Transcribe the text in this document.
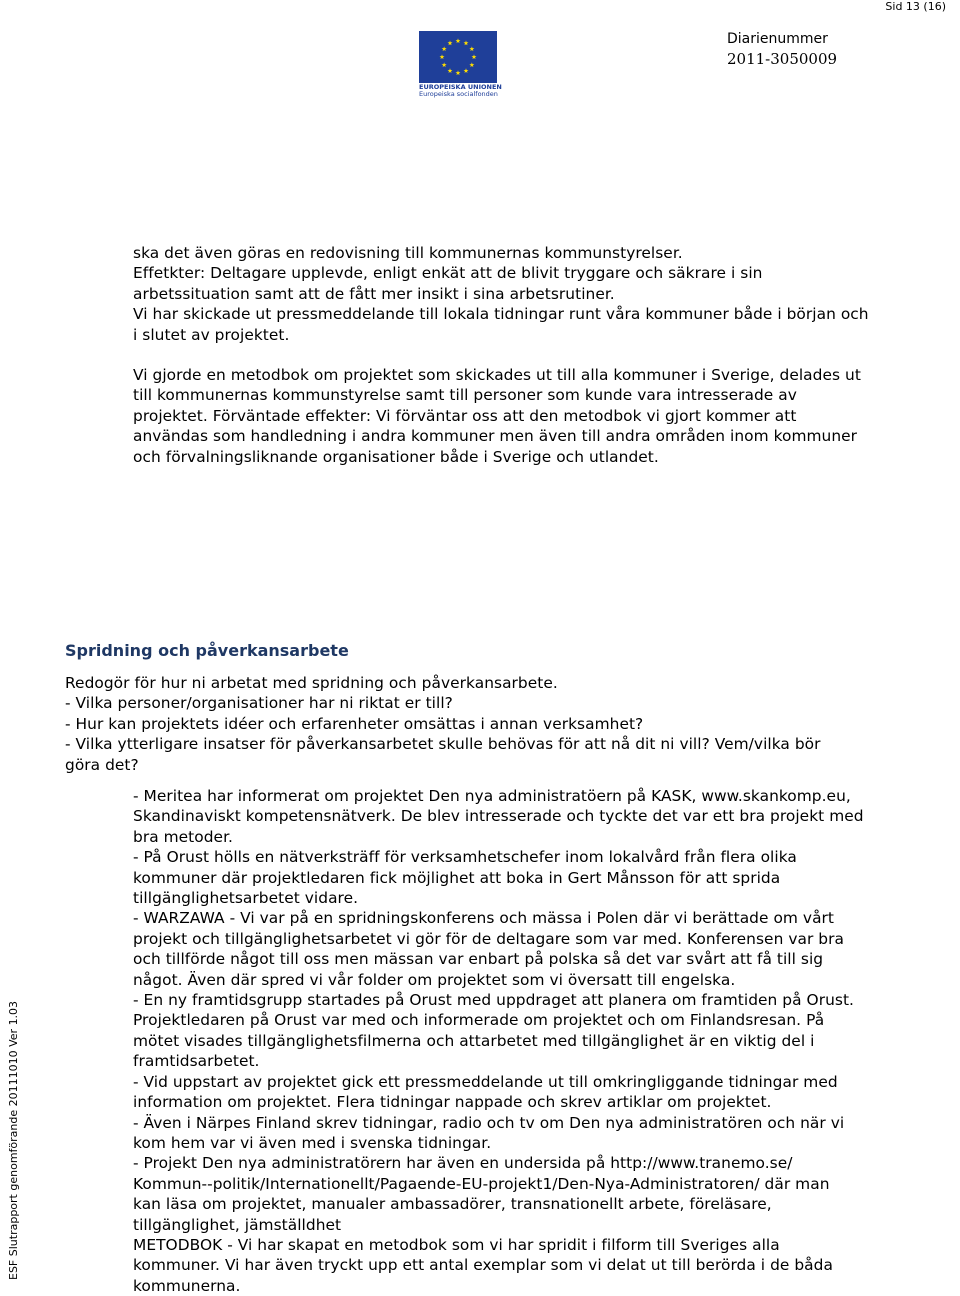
Sid 13 (16)
EUROPEISKA UNIONEN
Europeiska socialfonden
Diarienummer
2011-3050009
ESF Slutrapport genomförande 20111010 Ver 1.03

ska det även göras en redovisning till kommunernas kommunstyrelser.
Effetkter: Deltagare upplevde, enligt enkät att de blivit tryggare och säkrare i sin
arbetssituation samt att de fått mer insikt i sina arbetsrutiner.
Vi har skickade ut pressmeddelande till lokala tidningar runt våra kommuner både i början och
i slutet av projektet.

Vi gjorde en metodbok om projektet som skickades ut till alla kommuner i Sverige, delades ut
till kommunernas kommunstyrelse samt till personer som kunde vara intresserade av
projektet. Förväntade effekter: Vi förväntar oss att den metodbok vi gjort kommer att
användas som handledning i andra kommuner men även till andra områden inom kommuner
och förvalningsliknande organisationer både i Sverige och utlandet.

Spridning och påverkansarbete

Redogör för hur ni arbetat med spridning och påverkansarbete.
- Vilka personer/organisationer har ni riktat er till?
- Hur kan projektets idéer och erfarenheter omsättas i annan verksamhet?
- Vilka ytterligare insatser för påverkansarbetet skulle behövas för att nå dit ni vill? Vem/vilka bör
göra det?

- Meritea har informerat om projektet Den nya administratöern på KASK, www.skankomp.eu,
Skandinaviskt kompetensnätverk. De blev intresserade och tyckte det var ett bra projekt med
bra metoder.
- På Orust hölls en nätverksträff för verksamhetschefer inom lokalvård från flera olika
kommuner där projektledaren fick möjlighet att boka in Gert Månsson för att sprida
tillgänglighetsarbetet vidare.
- WARZAWA - Vi var på en spridningskonferens och mässa i Polen där vi berättade om vårt
projekt och tillgänglighetsarbetet vi gör för de deltagare som var med. Konferensen var bra
och tillförde något till oss men mässan var enbart på polska så det var svårt att få till sig
något. Även där spred vi vår folder om projektet som vi översatt till engelska.
- En ny framtidsgrupp startades på Orust med uppdraget att planera om framtiden på Orust.
Projektledaren på Orust var med och informerade om projektet och om Finlandsresan. På
mötet visades tillgänglighetsfilmerna och attarbetet med tillgänglighet är en viktig del i
framtidsarbetet.
- Vid uppstart av projektet gick ett pressmeddelande ut till omkringliggande tidningar med
information om projektet. Flera tidningar nappade och skrev artiklar om projektet.
- Även i Närpes Finland skrev tidningar, radio och tv om Den nya administratören och när vi
kom hem var vi även med i svenska tidningar.
- Projekt Den nya administratörern har även en undersida på http://www.tranemo.se/
Kommun--politik/Internationellt/Pagaende-EU-projekt1/Den-Nya-Administratoren/ där man
kan läsa om projektet, manualer ambassadörer, transnationellt arbete, föreläsare,
tillgänglighet, jämställdhet
METODBOK - Vi har skapat en metodbok som vi har spridit i filform till Sveriges alla
kommuner. Vi har även tryckt upp ett antal exemplar som vi delat ut till berörda i de båda
kommunerna.
